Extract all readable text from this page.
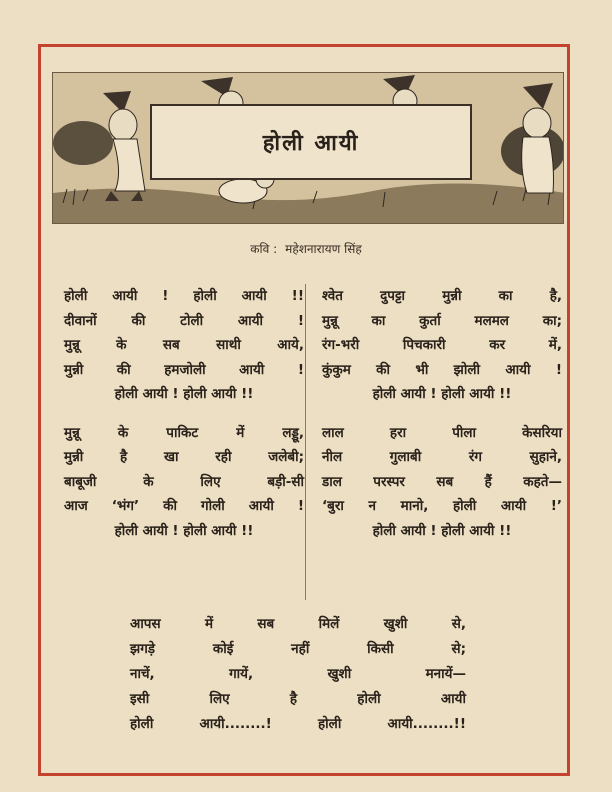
होली आयी
कवि : महेशनारायण सिंह
होली आयी ! होली आयी !!
दीवानों की टोली आयी !
मुन्नू के सब साथी आये,
मुन्नी की हमजोली आयी !
होली आयी ! होली आयी !!
मुन्नू के पाकिट में लड्डू,
मुन्नी है खा रही जलेबी;
बाबूजी के लिए बड़ी-सी
आज ‘भंग’ की गोली आयी !
होली आयी ! होली आयी !!
श्वेत दुपट्टा मुन्नी का है,
मुन्नू का कुर्ता मलमल का;
रंग-भरी पिचकारी कर में,
कुंकुम की भी झोली आयी !
होली आयी ! होली आयी !!
लाल हरा पीला केसरिया
नील गुलाबी रंग सुहाने,
डाल परस्पर सब हैं कहते—
‘बुरा न मानो, होली आयी !’
होली आयी ! होली आयी !!
आपस में सब मिलें खुशी से,
झगड़े कोई नहीं किसी से;
नाचें, गायें, खुशी मनायें—
इसी लिए है होली आयी
होली आयी........! होली आयी........!!
